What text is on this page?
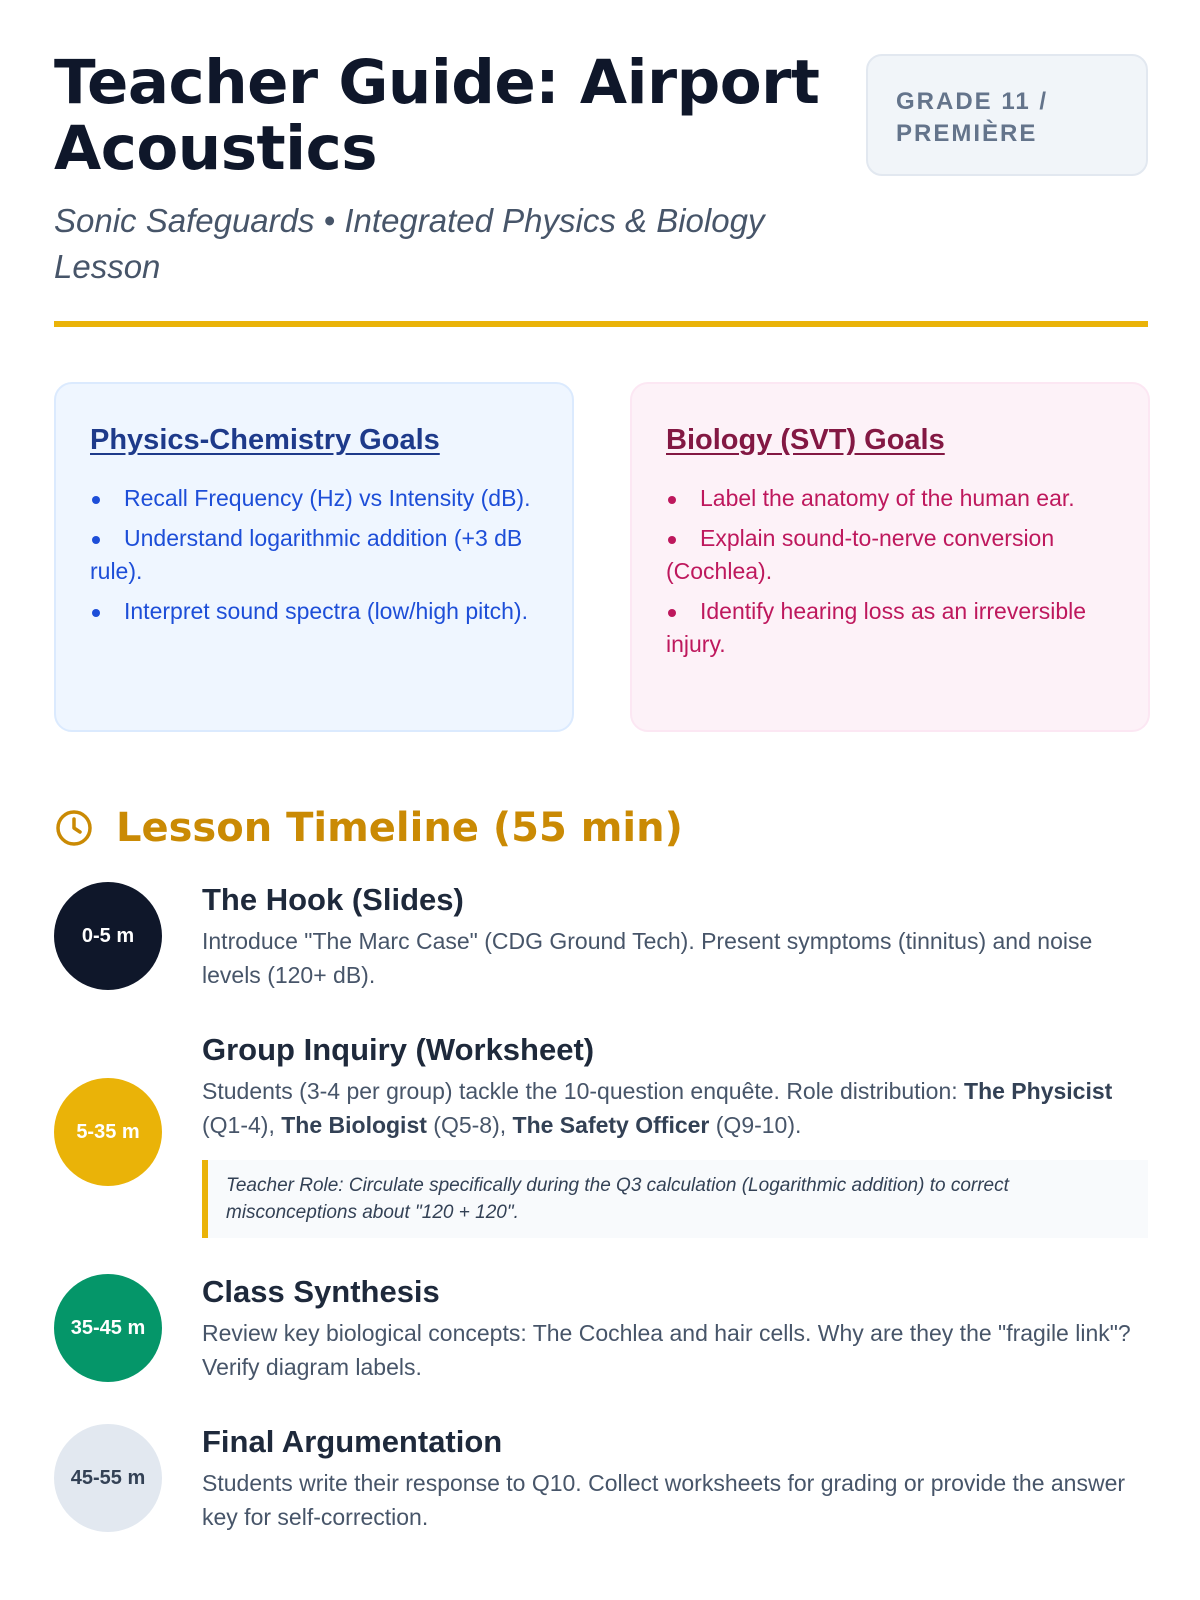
Teacher Guide: Airport Acoustics

Sonic Safeguards • Integrated Physics & Biology Lesson

GRADE 11 / PREMIÈRE
Physics-Chemistry Goals
Recall Frequency (Hz) vs Intensity (dB).
Understand logarithmic addition (+3 dB rule).
Interpret sound spectra (low/high pitch).
Biology (SVT) Goals
Label the anatomy of the human ear.
Explain sound-to-nerve conversion (Cochlea).
Identify hearing loss as an irreversible injury.
Lesson Timeline (55 min)
0-5 m
The Hook (Slides)

Introduce "The Marc Case" (CDG Ground Tech). Present symptoms (tinnitus) and noise levels (120+ dB).

5-35 m
Group Inquiry (Worksheet)

Students (3-4 per group) tackle the 10-question enquête. Role distribution: The Physicist (Q1-4), The Biologist (Q5-8), The Safety Officer (Q9-10).

Teacher Role: Circulate specifically during the Q3 calculation (Logarithmic addition) to correct misconceptions about "120 + 120".
35-45 m
Class Synthesis

Review key biological concepts: The Cochlea and hair cells. Why are they the "fragile link"? Verify diagram labels.

45-55 m
Final Argumentation

Students write their response to Q10. Collect worksheets for grading or provide the answer key for self-correction.
